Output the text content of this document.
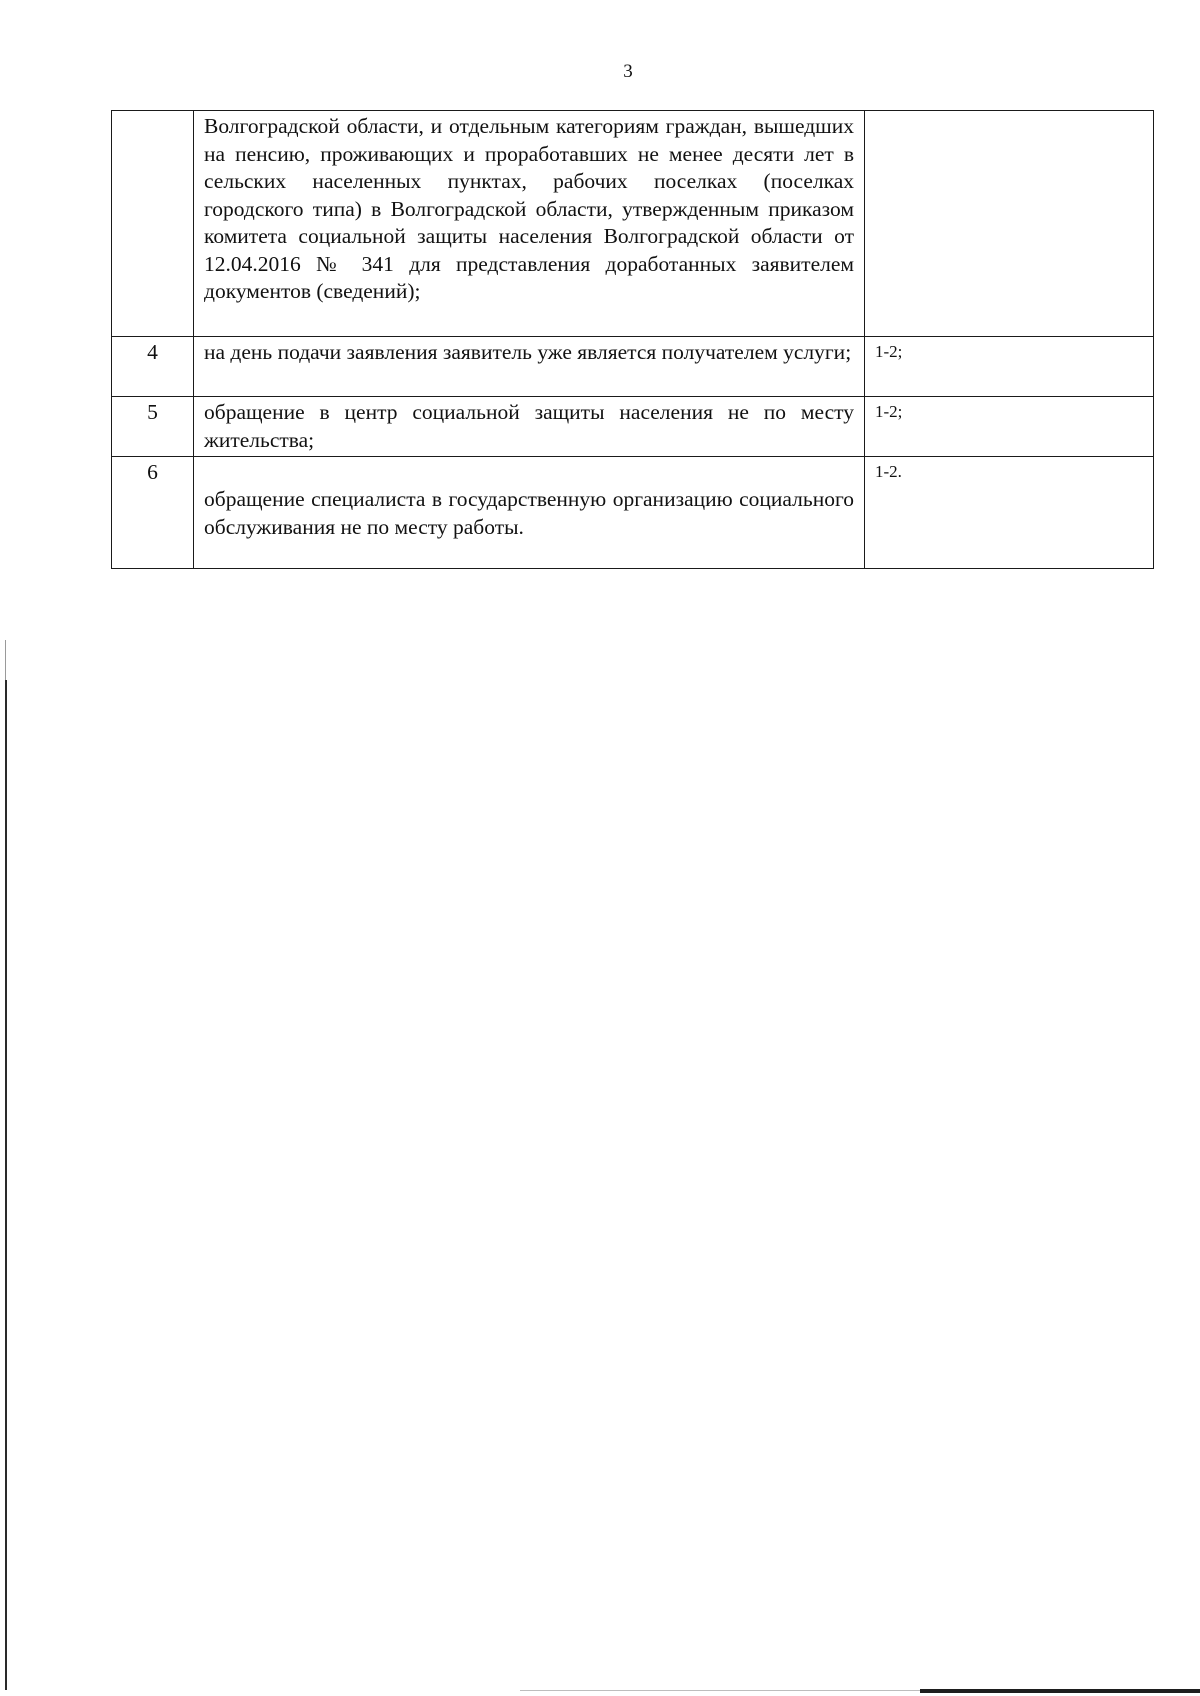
3
	Волгоградской области, и отдельным категориям граждан, вышедших на пенсию, проживающих и проработавших не менее десяти лет в сельских населенных пунктах, рабочих поселках (поселках городского типа) в Волгоградской области, утвержденным приказом комитета социальной защиты населения Волгоградской области от 12.04.2016 № 341 для представления доработанных заявителем документов (сведений);	
4	на день подачи заявления заявитель уже является получателем услуги;	1-2;
5	обращение в центр социальной защиты населения не по месту жительства;	1-2;
6	обращение специалиста в государственную организацию социального обслуживания не по месту работы.	1-2.
